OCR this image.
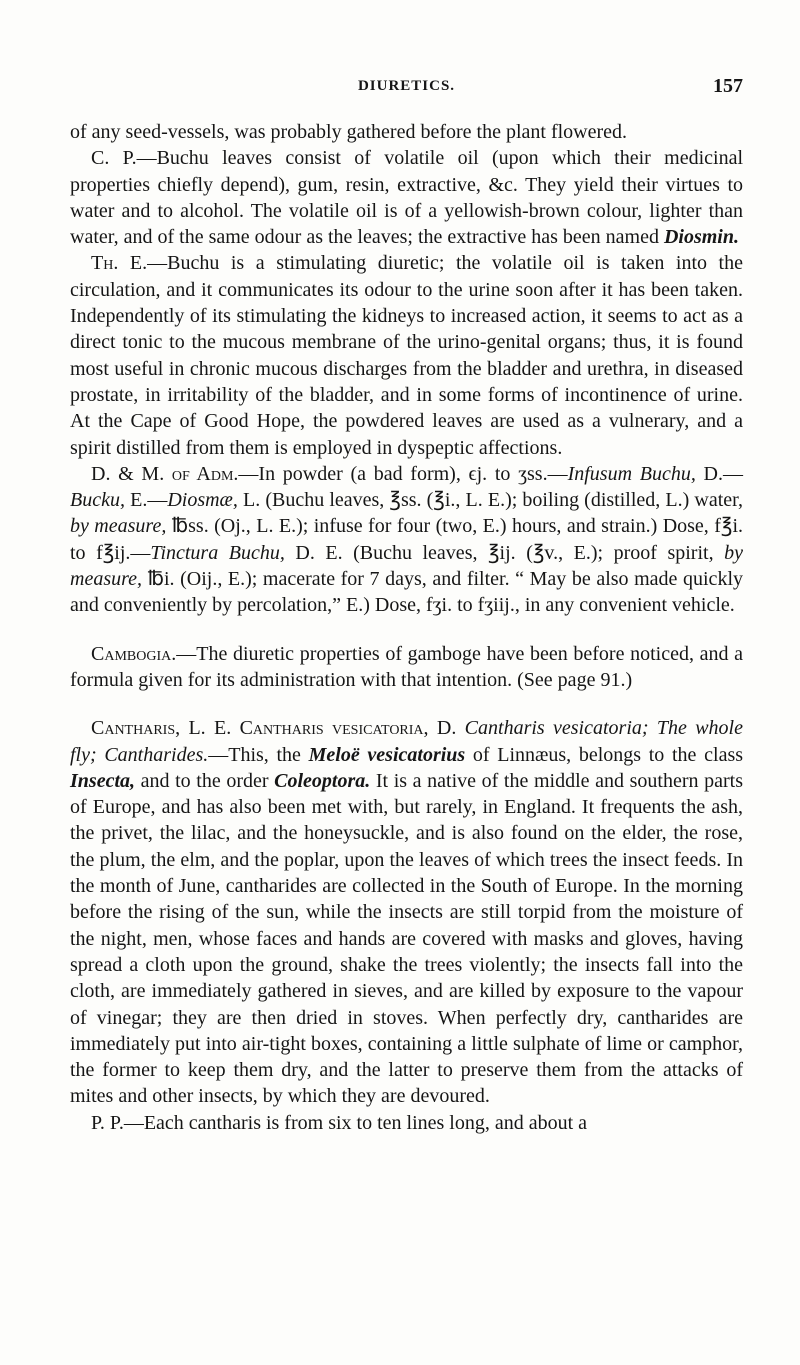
DIURETICS.	157

of any seed-vessels, was probably gathered before the plant flowered.

C. P.—Buchu leaves consist of volatile oil (upon which their medicinal properties chiefly depend), gum, resin, extractive, &c. They yield their virtues to water and to alcohol. The volatile oil is of a yellowish-brown colour, lighter than water, and of the same odour as the leaves; the extractive has been named Diosmin.

Th. E.—Buchu is a stimulating diuretic; the volatile oil is taken into the circulation, and it communicates its odour to the urine soon after it has been taken. Independently of its stimulating the kidneys to increased action, it seems to act as a direct tonic to the mucous membrane of the urino-genital organs; thus, it is found most useful in chronic mucous discharges from the bladder and urethra, in diseased prostate, in irritability of the bladder, and in some forms of incontinence of urine. At the Cape of Good Hope, the powdered leaves are used as a vulnerary, and a spirit distilled from them is employed in dyspeptic affections.

D. & M. of Adm.—In powder (a bad form), ϵj. to ʒss.—Infusum Buchu, D.—Bucku, E.—Diosmæ, L. (Buchu leaves, ℥ss. (℥i., L. E.); boiling (distilled, L.) water, by measure, ℔ss. (Oj., L. E.); infuse for four (two, E.) hours, and strain.) Dose, f℥i. to f℥ij.—Tinctura Buchu, D. E. (Buchu leaves, ℥ij. (℥v., E.); proof spirit, by measure, ℔i. (Oij., E.); macerate for 7 days, and filter. “ May be also made quickly and conveniently by percolation,” E.) Dose, fʒi. to fʒiij., in any convenient vehicle.

Cambogia.—The diuretic properties of gamboge have been before noticed, and a formula given for its administration with that intention. (See page 91.)

Cantharis, L. E. Cantharis vesicatoria, D. Cantharis vesicatoria; The whole fly; Cantharides.—This, the Meloë vesicatorius of Linnæus, belongs to the class Insecta, and to the order Coleoptora. It is a native of the middle and southern parts of Europe, and has also been met with, but rarely, in England. It frequents the ash, the privet, the lilac, and the honeysuckle, and is also found on the elder, the rose, the plum, the elm, and the poplar, upon the leaves of which trees the insect feeds. In the month of June, cantharides are collected in the South of Europe. In the morning before the rising of the sun, while the insects are still torpid from the moisture of the night, men, whose faces and hands are covered with masks and gloves, having spread a cloth upon the ground, shake the trees violently; the insects fall into the cloth, are immediately gathered in sieves, and are killed by exposure to the vapour of vinegar; they are then dried in stoves. When perfectly dry, cantharides are immediately put into air-tight boxes, containing a little sulphate of lime or camphor, the former to keep them dry, and the latter to preserve them from the attacks of mites and other insects, by which they are devoured.

P. P.—Each cantharis is from six to ten lines long, and about a
